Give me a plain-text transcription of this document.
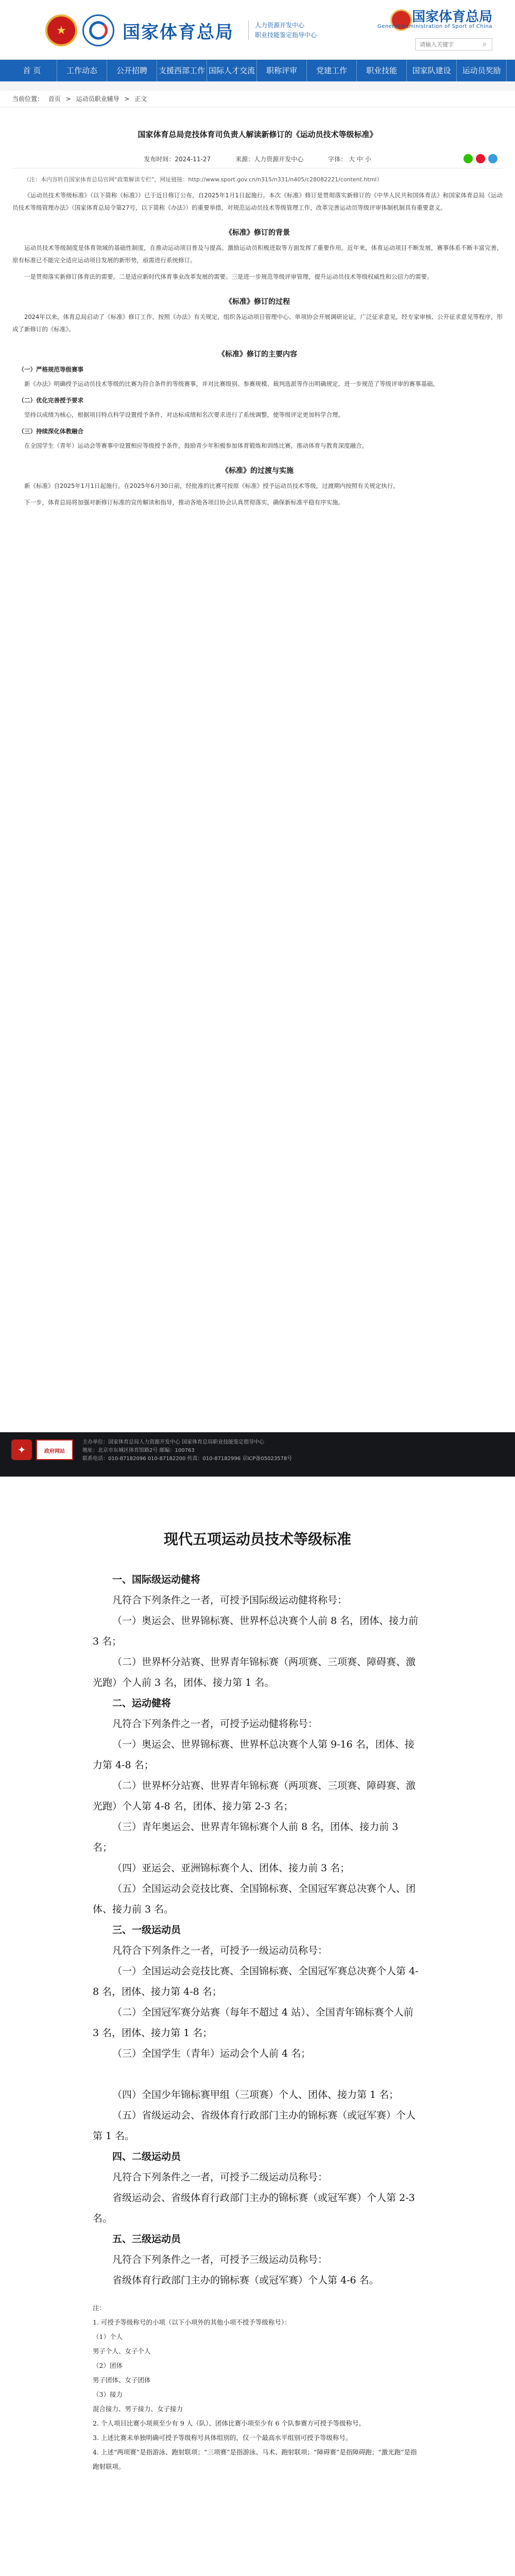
★	国家体育总局	人力资源开发中心
职业技能鉴定指导中心
国家体育总局
General Administration of Sport of China
请输入关键字
⌕
首 页	工作动态	公开招聘	支援西部工作 国际人才交流	职称评审	党建工作	职业技能	国家队建设	运动员奖励
当前位置： 首页 > 运动员职业辅导 > 正文
国家体育总局竞技体育司负责人解读新修订的《运动员技术等级标准》
发布时间：2024-11-27	来源：人力资源开发中心	字体： 大 中 小

（注：本内容转自国家体育总局官网“政策解读专栏”，网址链接：http://www.sport.gov.cn/n315/n331/n405/c28082221/content.html）

《运动员技术等级标准》（以下简称《标准》）已于近日修订公布，自2025年1月1日起施行。本次《标准》修订是贯彻落实新修订的《中华人民共和国体育法》和国家体育总局《运动员技术等级管理办法》（国家体育总局令第27号，以下简称《办法》）的重要举措，对规范运动员技术等级管理工作，改革完善运动员等级评审体制机制具有重要意义。

《标准》修订的背景

运动员技术等级制度是体育领域的基础性制度，在推动运动项目普及与提高、激励运动员积极进取等方面发挥了重要作用。近年来，体育运动项目不断发展，赛事体系不断丰富完善，原有标准已不能完全适应运动项目发展的新形势，亟需进行系统修订。

一是贯彻落实新修订体育法的需要。二是适应新时代体育事业改革发展的需要。三是进一步规范等级评审管理，提升运动员技术等级权威性和公信力的需要。

《标准》修订的过程

2024年以来，体育总局启动了《标准》修订工作，按照《办法》有关规定，组织各运动项目管理中心、单项协会开展调研论证，广泛征求意见，经专家审核、公开征求意见等程序，形成了新修订的《标准》。

《标准》修订的主要内容

（一）严格规范等级赛事

新《办法》明确授予运动员技术等级的比赛为符合条件的等级赛事，并对比赛级别、参赛规模、裁判选派等作出明确规定，进一步规范了等级评审的赛事基础。

（二）优化完善授予要求

坚持以成绩为核心，根据项目特点科学设置授予条件，对达标成绩和名次要求进行了系统调整，使等级评定更加科学合理。

（三）持续深化体教融合

在全国学生（青年）运动会等赛事中设置相应等级授予条件，鼓励青少年积极参加体育锻炼和训练比赛，推动体育与教育深度融合。

《标准》的过渡与实施

新《标准》自2025年1月1日起施行。在2025年6月30日前，经批准的比赛可按原《标准》授予运动员技术等级，过渡期内按照有关规定执行。

下一步，体育总局将加强对新修订标准的宣传解读和指导，推动各地各项目协会认真贯彻落实，确保新标准平稳有序实施。

✦	政府网站
主办单位：国家体育总局人力资源开发中心 国家体育总局职业技能鉴定指导中心
地址：北京市东城区体育馆路2号 邮编：100763
联系电话：010-87182096 010-87182200 传真：010-87182996 京ICP备05023578号
现代五项运动员技术等级标准

一、国际级运动健将

凡符合下列条件之一者，可授予国际级运动健将称号：

（一）奥运会、世界锦标赛、世界杯总决赛个人前 8 名，团体、接力前 3 名；

（二）世界杯分站赛、世界青年锦标赛（两项赛、三项赛、障碍赛、激光跑）个人前 3 名，团体、接力第 1 名。

二、运动健将

凡符合下列条件之一者，可授予运动健将称号：

（一）奥运会、世界锦标赛、世界杯总决赛个人第 9-16 名，团体、接力第 4-8 名；

（二）世界杯分站赛、世界青年锦标赛（两项赛、三项赛、障碍赛、激光跑）个人第 4-8 名，团体、接力第 2-3 名；

（三）青年奥运会、世界青年锦标赛个人前 8 名，团体、接力前 3 名；

（四）亚运会、亚洲锦标赛个人、团体、接力前 3 名；

（五）全国运动会竞技比赛、全国锦标赛、全国冠军赛总决赛个人、团体、接力前 3 名。

三、一级运动员

凡符合下列条件之一者，可授予一级运动员称号：

（一）全国运动会竞技比赛、全国锦标赛、全国冠军赛总决赛个人第 4-8 名，团体、接力第 4-8 名；

（二）全国冠军赛分站赛（每年不超过 4 站）、全国青年锦标赛个人前 3 名，团体、接力第 1 名；

（三）全国学生（青年）运动会个人前 4 名；

（四）全国少年锦标赛甲组（三项赛）个人、团体、接力第 1 名；

（五）省级运动会、省级体育行政部门主办的锦标赛（或冠军赛）个人第 1 名。

四、二级运动员

凡符合下列条件之一者，可授予二级运动员称号：

省级运动会、省级体育行政部门主办的锦标赛（或冠军赛）个人第 2-3 名。

五、三级运动员

凡符合下列条件之一者，可授予三级运动员称号：

省级体育行政部门主办的锦标赛（或冠军赛）个人第 4-6 名。

注：

1. 可授予等级称号的小项（以下小项外的其他小项不授予等级称号）：

（1）个人

男子个人、女子个人

（2）团体

男子团体、女子团体

（3）接力

混合接力、男子接力、女子接力

2. 个人项目比赛小项须至少有 9 人（队）、团体比赛小项至少有 6 个队参赛方可授予等级称号。

3. 上述比赛未单独明确可授予等级称号具体组别的，仅一个最高水平组别可授予等级称号。

4. 上述“两项赛”是指游泳、跑射联项；“三项赛”是指游泳、马术、跑射联项；“障碍赛”是指障碍跑；“激光跑”是指跑射联项。
